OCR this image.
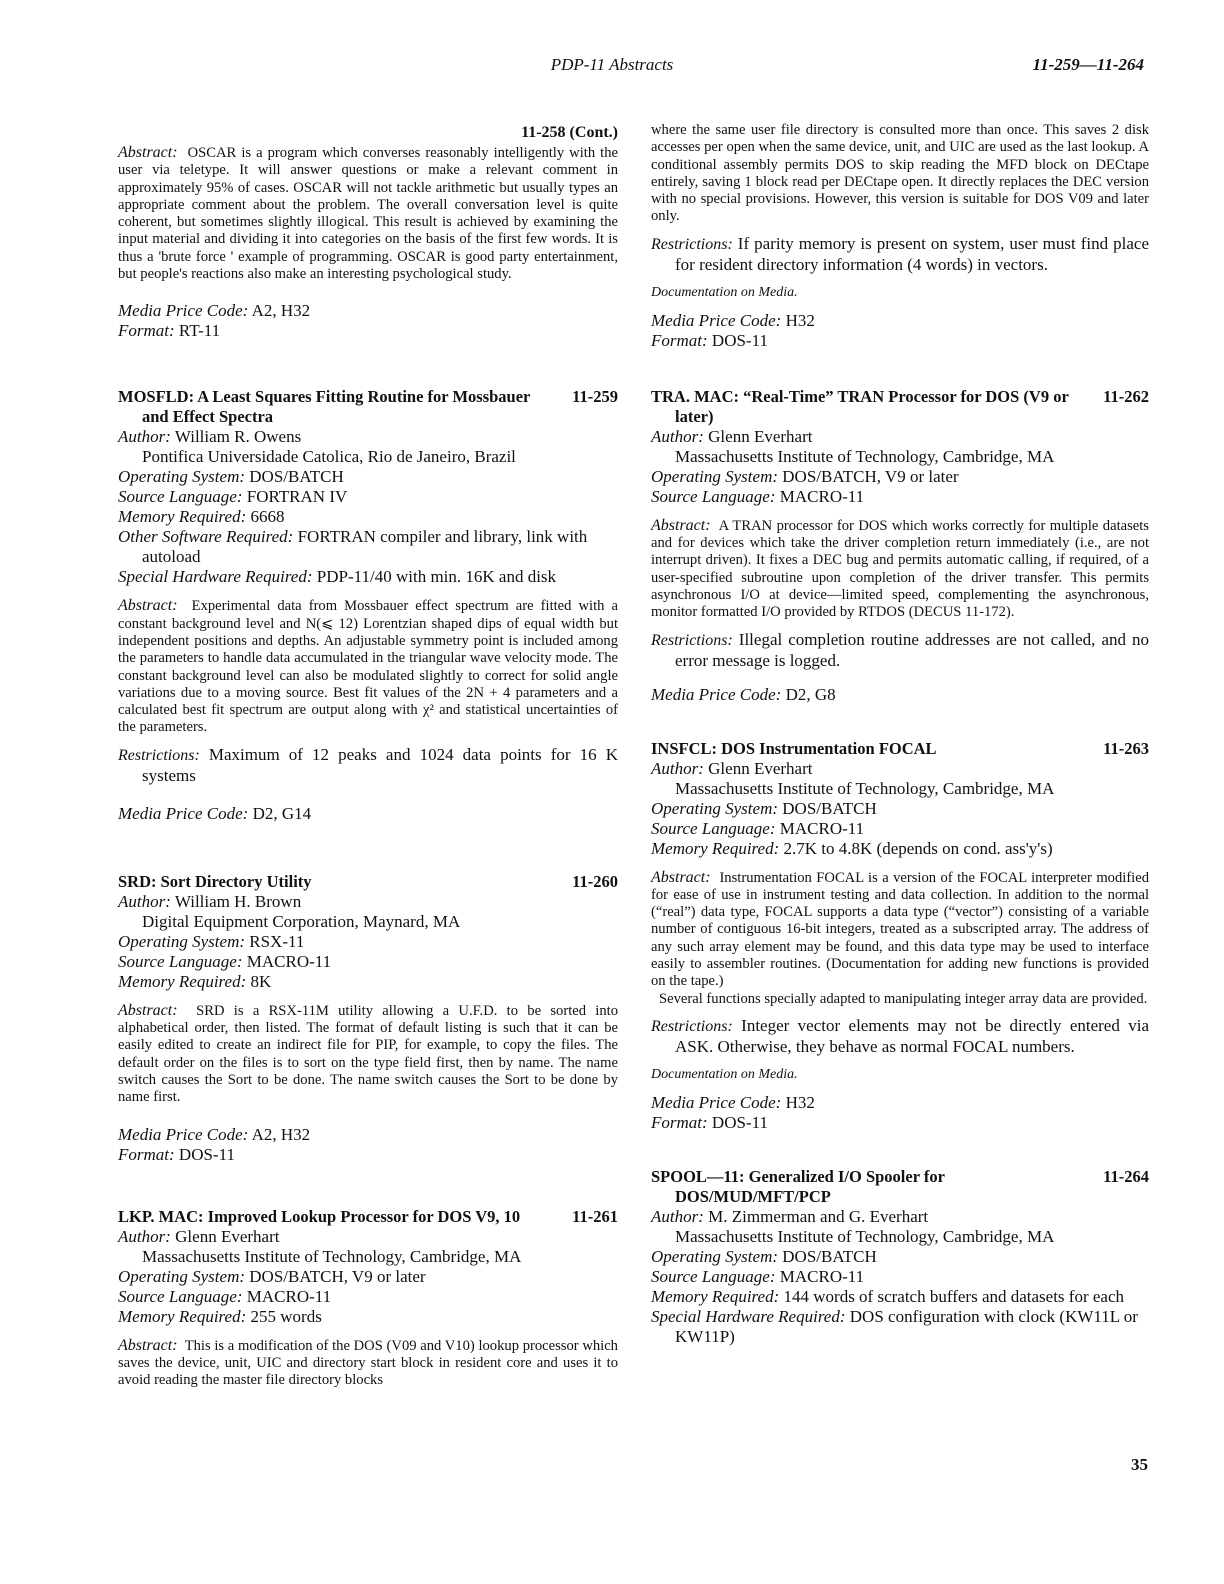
PDP-11 Abstracts	11-259—11-264
11-258 (Cont.)
Abstract: OSCAR is a program which converses reasonably intelligently with the user via teletype. It will answer questions or make a relevant comment in approximately 95% of cases. OSCAR will not tackle arithmetic but usually types an appropriate comment about the problem. The overall conversation level is quite coherent, but sometimes slightly illogical. This result is achieved by examining the input material and dividing it into categories on the basis of the first few words. It is thus a 'brute force ' example of programming. OSCAR is good party entertainment, but people's reactions also make an interesting psychological study.
Media Price Code: A2, H32
Format: RT-11
MOSFLD: A Least Squares Fitting Routine for Mossbauer and Effect Spectra
11-259
Author: William R. Owens
Pontifica Universidade Catolica, Rio de Janeiro, Brazil
Operating System: DOS/BATCH
Source Language: FORTRAN IV
Memory Required: 6668
Other Software Required: FORTRAN compiler and library, link with autoload
Special Hardware Required: PDP-11/40 with min. 16K and disk
Abstract: Experimental data from Mossbauer effect spectrum are fitted with a constant background level and N(⩽ 12) Lorentzian shaped dips of equal width but independent positions and depths. An adjustable symmetry point is included among the parameters to handle data accumulated in the triangular wave velocity mode. The constant background level can also be modulated slightly to correct for solid angle variations due to a moving source. Best fit values of the 2N + 4 parameters and a calculated best fit spectrum are output along with χ² and statistical uncertainties of the parameters.
Restrictions: Maximum of 12 peaks and 1024 data points for 16 K systems
Media Price Code: D2, G14
SRD: Sort Directory Utility	11-260
Author: William H. Brown
Digital Equipment Corporation, Maynard, MA
Operating System: RSX-11
Source Language: MACRO-11
Memory Required: 8K
Abstract: SRD is a RSX-11M utility allowing a U.F.D. to be sorted into alphabetical order, then listed. The format of default listing is such that it can be easily edited to create an indirect file for PIP, for example, to copy the files. The default order on the files is to sort on the type field first, then by name. The name switch causes the Sort to be done. The name switch causes the Sort to be done by name first.
Media Price Code: A2, H32
Format: DOS-11
LKP. MAC: Improved Lookup Processor for DOS V9, 10	11-261
Author: Glenn Everhart
Massachusetts Institute of Technology, Cambridge, MA
Operating System: DOS/BATCH, V9 or later
Source Language: MACRO-11
Memory Required: 255 words
Abstract: This is a modification of the DOS (V09 and V10) lookup processor which saves the device, unit, UIC and directory start block in resident core and uses it to avoid reading the master file directory blocks
where the same user file directory is consulted more than once. This saves 2 disk accesses per open when the same device, unit, and UIC are used as the last lookup. A conditional assembly permits DOS to skip reading the MFD block on DECtape entirely, saving 1 block read per DECtape open. It directly replaces the DEC version with no special provisions. However, this version is suitable for DOS V09 and later only.
Restrictions: If parity memory is present on system, user must find place for resident directory information (4 words) in vectors.
Documentation on Media.
Media Price Code: H32
Format: DOS-11
TRA. MAC: “Real-Time” TRAN Processor for DOS (V9 or later)
11-262
Author: Glenn Everhart
Massachusetts Institute of Technology, Cambridge, MA
Operating System: DOS/BATCH, V9 or later
Source Language: MACRO-11
Abstract: A TRAN processor for DOS which works correctly for multiple datasets and for devices which take the driver completion return immediately (i.e., are not interrupt driven). It fixes a DEC bug and permits automatic calling, if required, of a user-specified subroutine upon completion of the driver transfer. This permits asynchronous I/O at device—limited speed, complementing the asynchronous, monitor formatted I/O provided by RTDOS (DECUS 11-172).
Restrictions: Illegal completion routine addresses are not called, and no error message is logged.
Media Price Code: D2, G8
INSFCL: DOS Instrumentation FOCAL	11-263
Author: Glenn Everhart
Massachusetts Institute of Technology, Cambridge, MA
Operating System: DOS/BATCH
Source Language: MACRO-11
Memory Required: 2.7K to 4.8K (depends on cond. ass'y's)
Abstract: Instrumentation FOCAL is a version of the FOCAL interpreter modified for ease of use in instrument testing and data collection. In addition to the normal (“real”) data type, FOCAL supports a data type (“vector”) consisting of a variable number of contiguous 16-bit integers, treated as a subscripted array. The address of any such array element may be found, and this data type may be used to interface easily to assembler routines. (Documentation for adding new functions is provided on the tape.)
Several functions specially adapted to manipulating integer array data are provided.
Restrictions: Integer vector elements may not be directly entered via ASK. Otherwise, they behave as normal FOCAL numbers.
Documentation on Media.
Media Price Code: H32
Format: DOS-11
SPOOL—11: Generalized I/O Spooler for DOS/MUD/MFT/PCP
11-264
Author: M. Zimmerman and G. Everhart
Massachusetts Institute of Technology, Cambridge, MA
Operating System: DOS/BATCH
Source Language: MACRO-11
Memory Required: 144 words of scratch buffers and datasets for each
Special Hardware Required: DOS configuration with clock (KW11L or KW11P)
35
